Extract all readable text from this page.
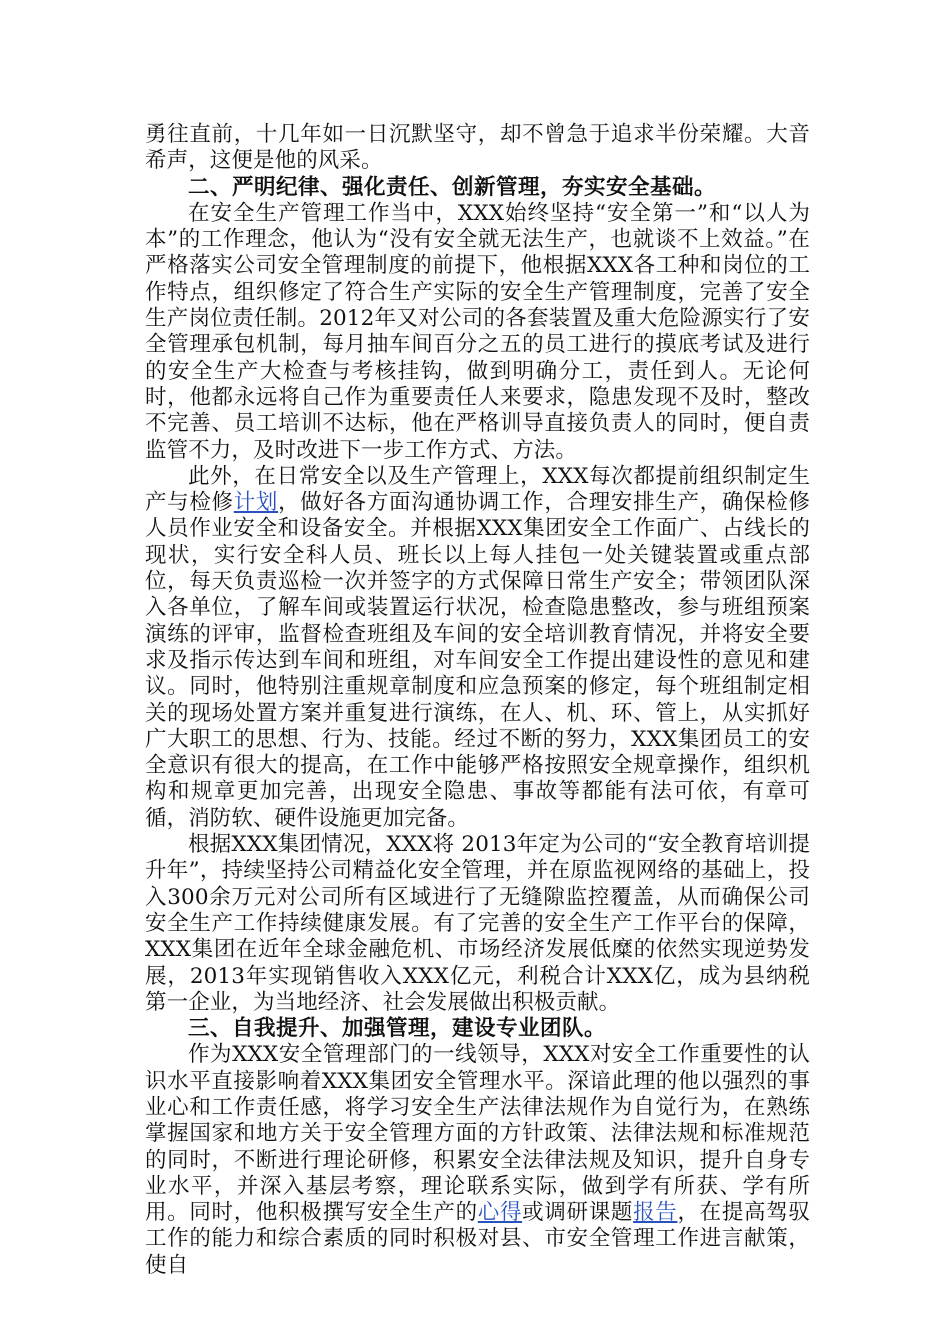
勇往直前，十几年如一日沉默坚守，却不曾急于追求半份荣耀。大音希声，这便是他的风采。

二、严明纪律、强化责任、创新管理，夯实安全基础。

在安全生产管理工作当中，XXX始终坚持“安全第一”和“以人为本”的工作理念，他认为“没有安全就无法生产，也就谈不上效益。”在严格落实公司安全管理制度的前提下，他根据XXX各工种和岗位的工作特点，组织修定了符合生产实际的安全生产管理制度，完善了安全生产岗位责任制。2012年又对公司的各套装置及重大危险源实行了安全管理承包机制，每月抽车间百分之五的员工进行的摸底考试及进行的安全生产大检查与考核挂钩，做到明确分工，责任到人。无论何时，他都永远将自己作为重要责任人来要求，隐患发现不及时，整改不完善、员工培训不达标，他在严格训导直接负责人的同时，便自责监管不力，及时改进下一步工作方式、方法。

此外，在日常安全以及生产管理上，XXX每次都提前组织制定生产与检修计划，做好各方面沟通协调工作，合理安排生产，确保检修人员作业安全和设备安全。并根据XXX集团安全工作面广、占线长的现状，实行安全科人员、班长以上每人挂包一处关键装置或重点部位，每天负责巡检一次并签字的方式保障日常生产安全；带领团队深入各单位，了解车间或装置运行状况，检查隐患整改，参与班组预案演练的评审，监督检查班组及车间的安全培训教育情况，并将安全要求及指示传达到车间和班组，对车间安全工作提出建设性的意见和建议。同时，他特别注重规章制度和应急预案的修定，每个班组制定相关的现场处置方案并重复进行演练，在人、机、环、管上，从实抓好广大职工的思想、行为、技能。经过不断的努力，XXX集团员工的安全意识有很大的提高，在工作中能够严格按照安全规章操作，组织机构和规章更加完善，出现安全隐患、事故等都能有法可依，有章可循，消防软、硬件设施更加完备。

根据XXX集团情况，XXX将 2013年定为公司的“安全教育培训提升年”，持续坚持公司精益化安全管理，并在原监视网络的基础上，投入300余万元对公司所有区域进行了无缝隙监控覆盖，从而确保公司安全生产工作持续健康发展。有了完善的安全生产工作平台的保障，XXX集团在近年全球金融危机、市场经济发展低糜的依然实现逆势发展，2013年实现销售收入XXX亿元，利税合计XXX亿，成为县纳税第一企业，为当地经济、社会发展做出积极贡献。

三、自我提升、加强管理，建设专业团队。

作为XXX安全管理部门的一线领导，XXX对安全工作重要性的认识水平直接影响着XXX集团安全管理水平。深谙此理的他以强烈的事业心和工作责任感，将学习安全生产法律法规作为自觉行为，在熟练掌握国家和地方关于安全管理方面的方针政策、法律法规和标准规范的同时，不断进行理论研修，积累安全法律法规及知识，提升自身专业水平，并深入基层考察，理论联系实际，做到学有所获、学有所用。同时，他积极撰写安全生产的心得或调研课题报告，在提高驾驭工作的能力和综合素质的同时积极对县、市安全管理工作进言献策，使自
